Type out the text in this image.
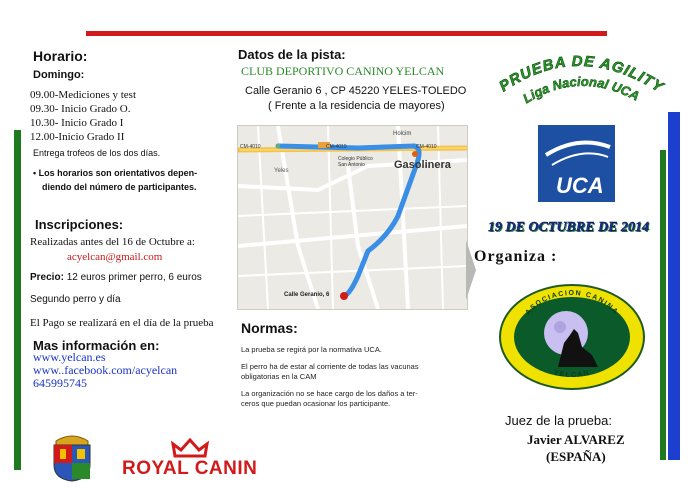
Horario:
Domingo:
09.00-Mediciones y test
09.30- Inicio Grado O.
10.30- Inicio Grado I
12.00-Inicio Grado II
Entrega trofeos de los dos días.
• Los horarios son orientativos depen-
diendo del número de participantes.
Inscripciones:
Realizadas antes del 16 de Octubre a:
acyelcan@gmail.com
Precio: 12 euros primer perro, 6 euros
Segundo perro y día
El Pago se realizará en el día de la prueba
Mas información en:
www.yelcan.es
www..facebook.com/acyelcan
645995745
ROYAL CANIN
Datos de la pista:
CLUB DEPORTIVO CANINO YELCAN
Calle Geranio 6 , CP 45220 YELES-TOLEDO
( Frente a la residencia de mayores)
CM-4010	CM-4010	CM-4010
Holcim
Colegio Público
San Antonio	Gasolinera
Yeles
Calle Geranio, 6
Normas:
La prueba se regirá por la normativa UCA.
El perro ha de estar al corriente de todas las vacunas
obligatorias en la CAM
La organización no se hace cargo de los daños a ter-
ceros que puedan ocasionar los participante.
PRUEBA DE AGILITY
Liga Nacional UCA
UCA
19 DE OCTUBRE DE 2014
Organiza :
ASOCIACION CANINA
YELCAN
Juez de la prueba:
Javier ALVAREZ
(ESPAÑA)
